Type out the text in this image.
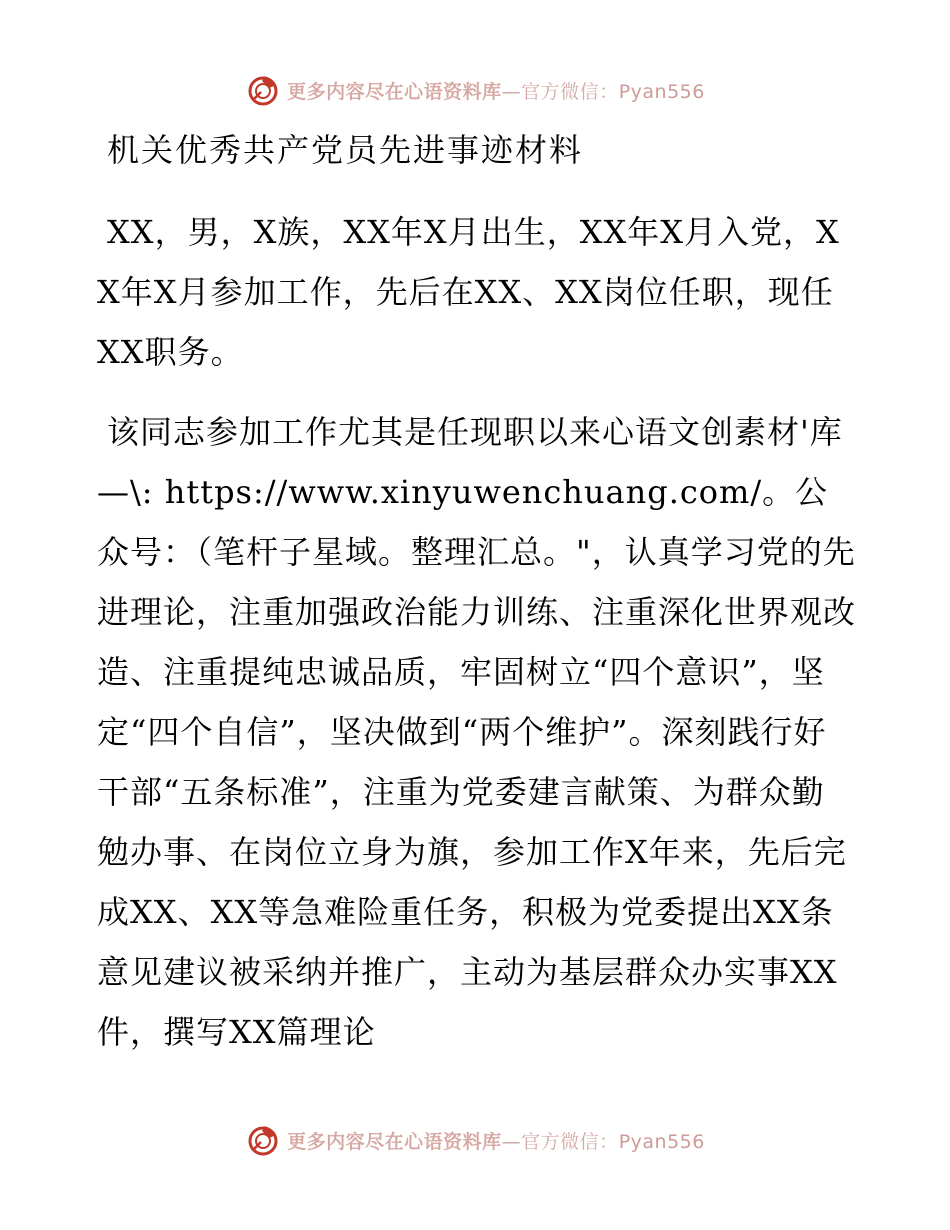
更多内容尽在心语资料库—官方微信：Pyan556
机关优秀共产党员先进事迹材料

XX，男，X族，XX年X月出生，XX年X月入党，XX年X月参加工作，先后在XX、XX岗位任职，现任XX职务。

该同志参加工作尤其是任现职以来心语文创素材'库—\: https://www.xinyuwenchuang.com/。公众号：（笔杆子星域。整理汇总。"，认真学习党的先进理论，注重加强政治能力训练、注重深化世界观改造、注重提纯忠诚品质，牢固树立“四个意识”，坚定“四个自信”，坚决做到“两个维护”。深刻践行好干部“五条标准”，注重为党委建言献策、为群众勤勉办事、在岗位立身为旗，参加工作X年来，先后完成XX、XX等急难险重任务，积极为党委提出XX条意见建议被采纳并推广，主动为基层群众办实事XX件，撰写XX篇理论

更多内容尽在心语资料库—官方微信：Pyan556
